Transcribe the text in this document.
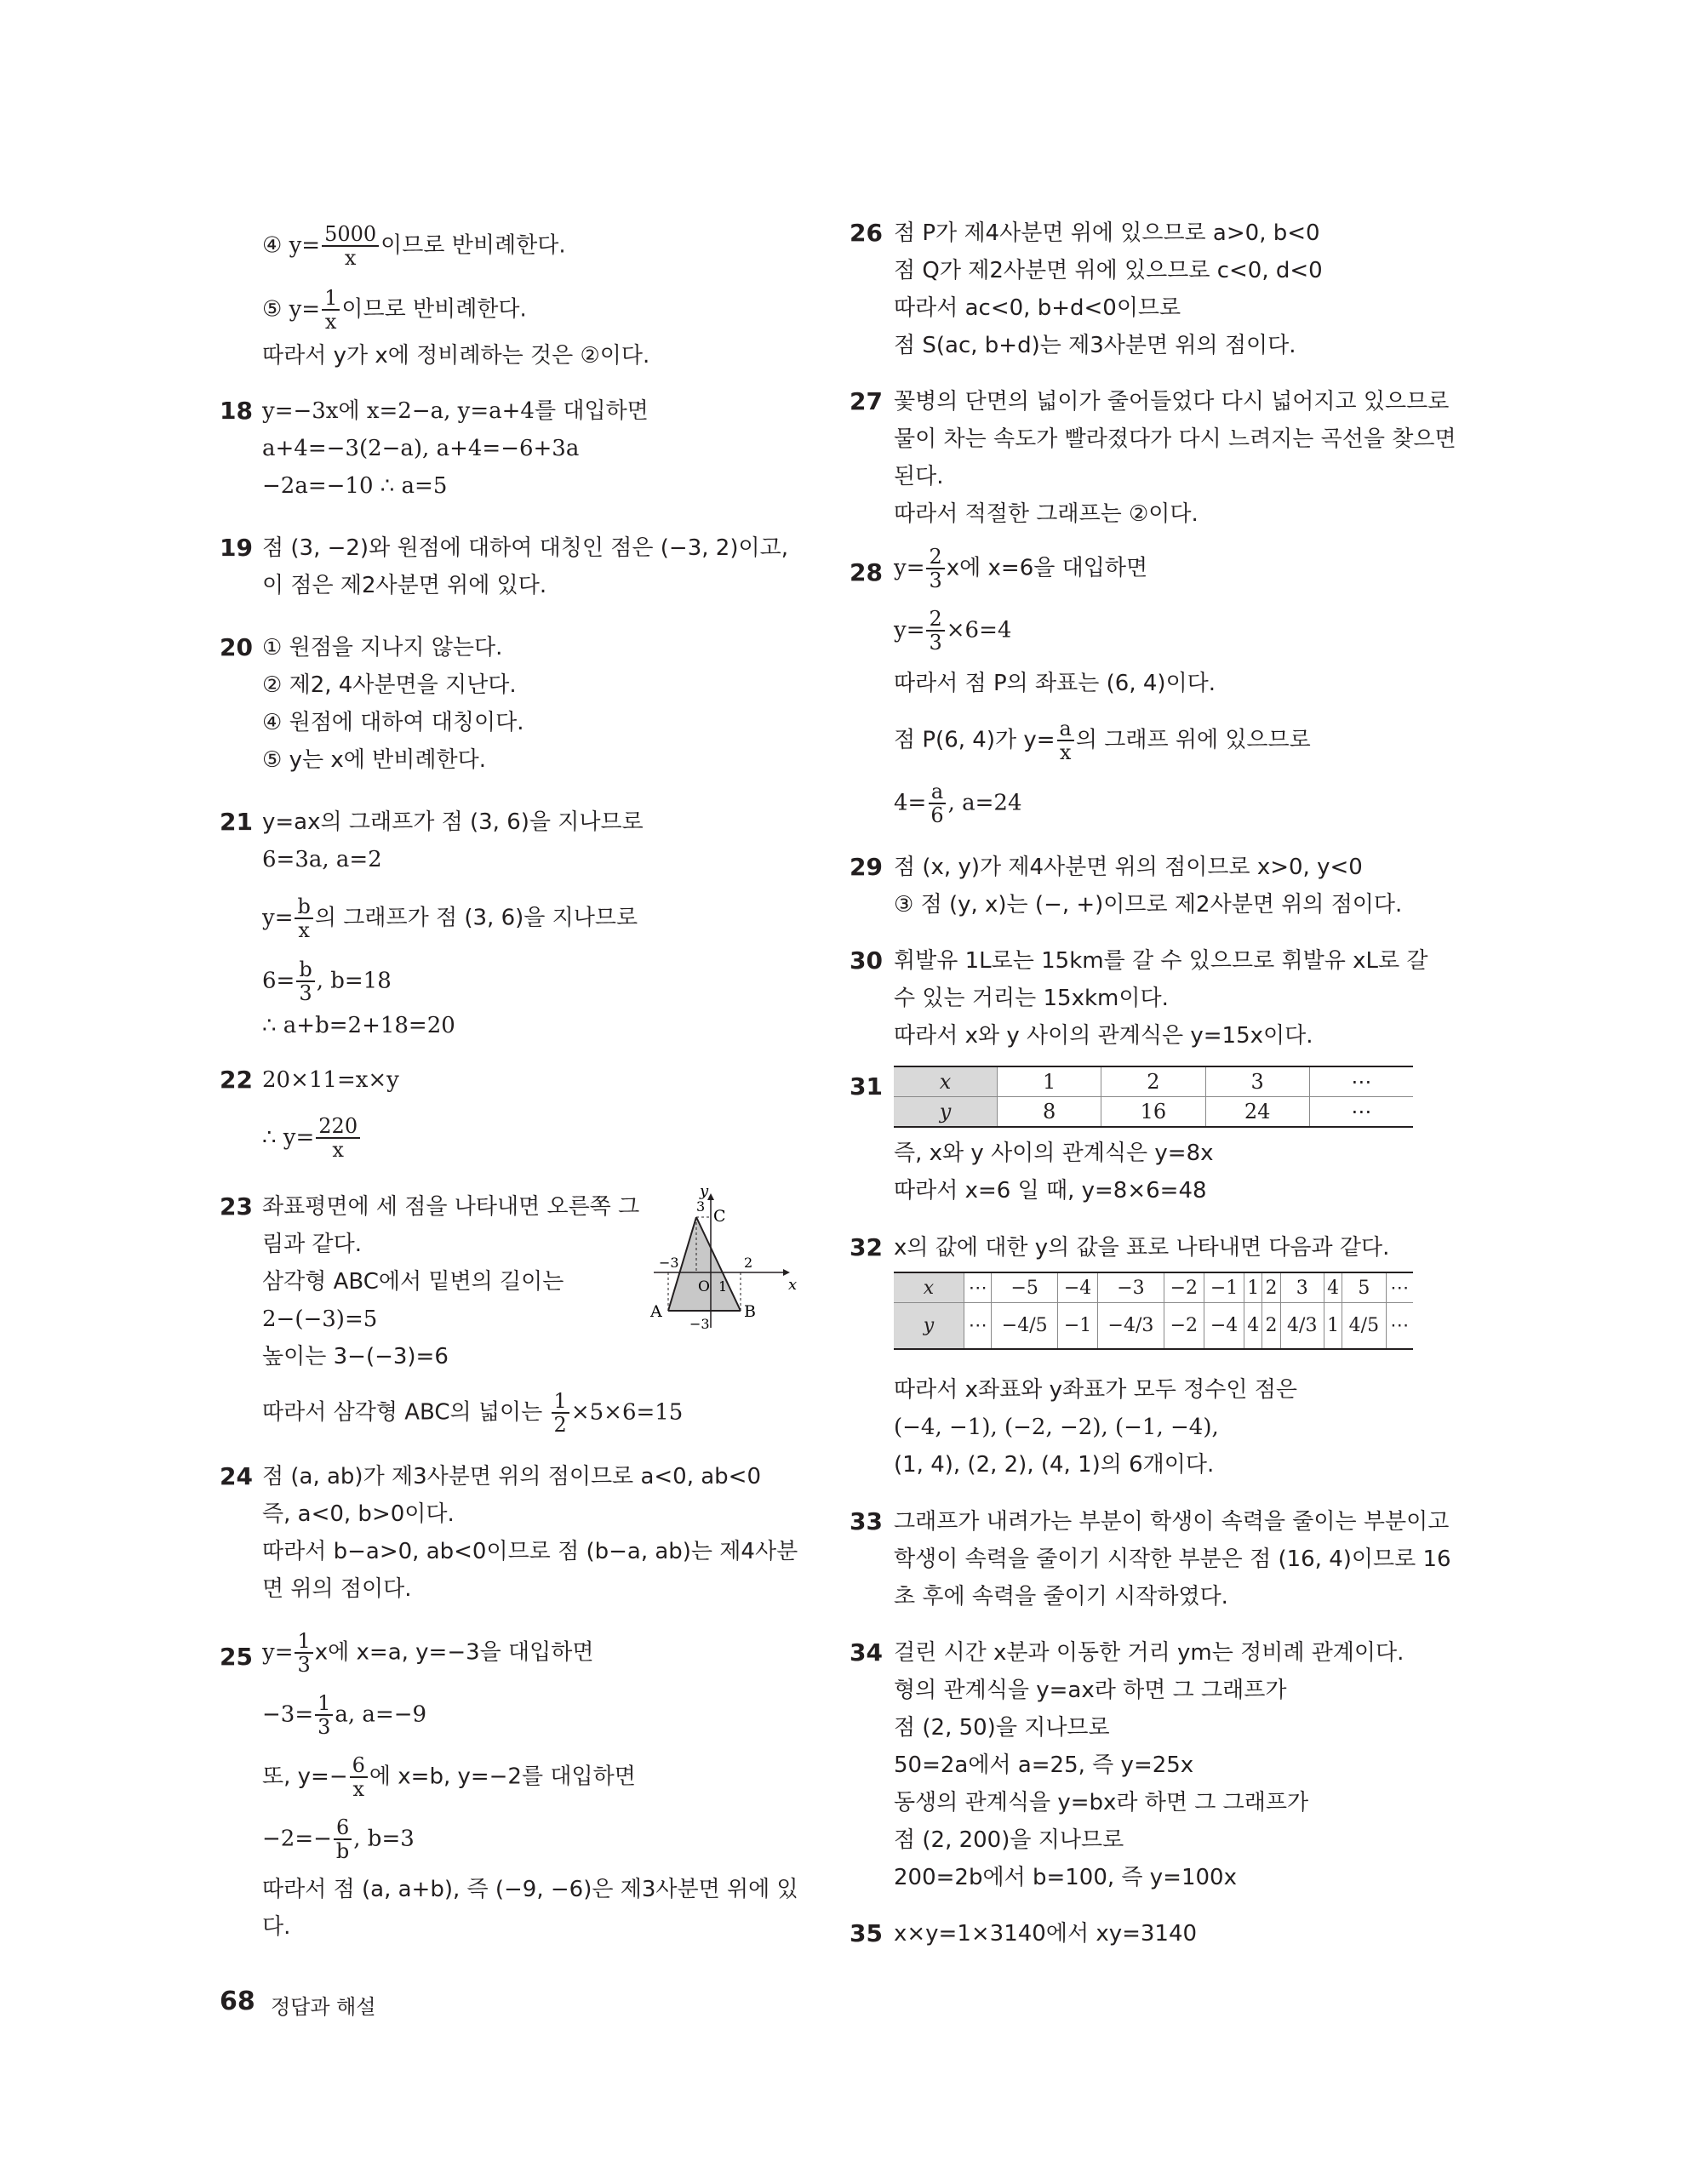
④ $y= \frac{5000}{x}$ 이므로 반비례한다.
⑤ $y= \frac{1}{x}$ 이므로 반비례한다.
따라서 y가 x에 정비례하는 것은 ②이다.
18 y=−3x에 x=2−a, y=a+4를 대입하면
a+4=−3(2−a), a+4=−6+3a
−2a=−10 ∴ a=5
19 점 (3, −2)와 원점에 대하여 대칭인 점은 (−3, 2)이고,
이 점은 제2사분면 위에 있다.
20 ① 원점을 지나지 않는다.
② 제2, 4사분면을 지난다.
④ 원점에 대하여 대칭이다.
⑤ y는 x에 반비례한다.
21 y=ax의 그래프가 점 (3, 6)을 지나므로
6=3a, a=2
$y= \frac{b}{x}$ 의 그래프가 점 (3, 6)을 지나므로
$6= \frac{b}{3}$ , b=18
∴ a+b=2+18=20
22 20×11=x×y
∴ $y= \frac{220}{x}$
23 좌표평면에 세 점을 나타내면 오른쪽 그
림과 같다.
삼각형 ABC에서 밑변의 길이는
2−(−3)=5
높이는 3−(−3)=6
따라서 삼각형 ABC의 넓이는 $\frac{1}{2} \times 5\times 6=15$
y
x
O
C
A	B
3
−3	2
1
−3
24 점 (a, ab)가 제3사분면 위의 점이므로 a<0, ab<0
즉, a<0, b>0이다.
따라서 b−a>0, ab<0이므로 점 (b−a, ab)는 제4사분
면 위의 점이다.
25 $y= \frac{1}{3}$ x에 x=a, y=−3을 대입하면
$-3= \frac{1}{3} a$, a=−9
또, $y=- \frac{6}{x}$ 에 x=b, y=−2를 대입하면
$-2=- \frac{6}{b}$ , b=3
따라서 점 (a, a+b), 즉 (−9, −6)은 제3사분면 위에 있
다.
26 점 P가 제4사분면 위에 있으므로 a>0, b<0
점 Q가 제2사분면 위에 있으므로 c<0, d<0
따라서 ac<0, b+d<0이므로
점 S(ac, b+d)는 제3사분면 위의 점이다.
27 꽃병의 단면의 넓이가 줄어들었다 다시 넓어지고 있으므로
물이 차는 속도가 빨라졌다가 다시 느려지는 곡선을 찾으면
된다.
따라서 적절한 그래프는 ②이다.
28 $y= \frac{2}{3}$ x에 x=6을 대입하면
$y= \frac{2}{3} \times 6=4$
따라서 점 P의 좌표는 (6, 4)이다.
점 P(6, 4)가 $y= \frac{a}{x}$ 의 그래프 위에 있으므로
$4= \frac{a}{6}$ , a=24
29 점 (x, y)가 제4사분면 위의 점이므로 x>0, y<0
③ 점 (y, x)는 (−, +)이므로 제2사분면 위의 점이다.
30 휘발유 1L로는 15km를 갈 수 있으므로 휘발유 xL로 갈
수 있는 거리는 15xkm이다.
따라서 x와 y 사이의 관계식은 y=15x이다.
31	x	1	2	3	⋯
y	8	16	24	⋯
즉, x와 y 사이의 관계식은 y=8x
따라서 x=6 일 때, y=8×6=48
32 x의 값에 대한 y의 값을 표로 나타내면 다음과 같다.
x	⋯	−5	−4	−3	−2	−1	1	2	3	4	5	⋯
y	⋯	−4/5	−1	−4/3	−2	−4	4	2	4/3	1	4/5	⋯
따라서 x좌표와 y좌표가 모두 정수인 점은
(−4, −1), (−2, −2), (−1, −4),
(1, 4), (2, 2), (4, 1)의 6개이다.
33 그래프가 내려가는 부분이 학생이 속력을 줄이는 부분이고
학생이 속력을 줄이기 시작한 부분은 점 (16, 4)이므로 16
초 후에 속력을 줄이기 시작하였다.
34 걸린 시간 x분과 이동한 거리 ym는 정비례 관계이다.
형의 관계식을 y=ax라 하면 그 그래프가
점 (2, 50)을 지나므로
50=2a에서 a=25, 즉 y=25x
동생의 관계식을 y=bx라 하면 그 그래프가
점 (2, 200)을 지나므로
200=2b에서 b=100, 즉 y=100x
35 x×y=1×3140에서 xy=3140
68 정답과 해설
